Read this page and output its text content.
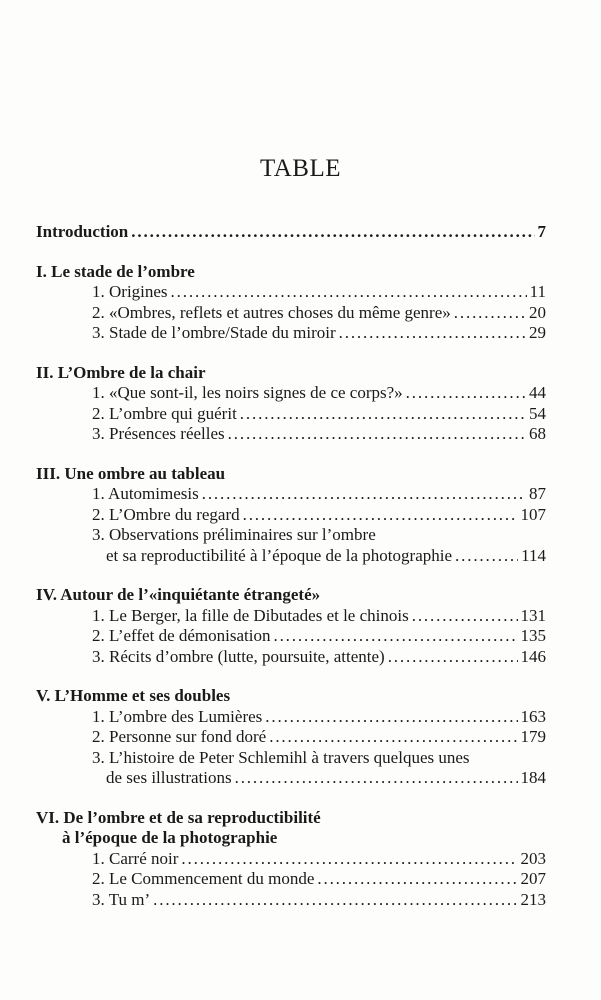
TABLE
Introduction . . .	7
I. Le stade de l’ombre
1. Origines . . .	11
2. «Ombres, reflets et autres choses du même genre» . . .	20
3. Stade de l’ombre/Stade du miroir . . .	29
II. L’Ombre de la chair
1. «Que sont-il, les noirs signes de ce corps?» . . .	44
2. L’ombre qui guérit . . .	54
3. Présences réelles . . .	68
III. Une ombre au tableau
1. Automimesis . . .	87
2. L’Ombre du regard . . .	107
3. Observations préliminaires sur l’ombre
et sa reproductibilité à l’époque de la photographie . . .	114
IV. Autour de l’«inquiétante étrangeté»
1. Le Berger, la fille de Dibutades et le chinois . . .	131
2. L’effet de démonisation . . .	135
3. Récits d’ombre (lutte, poursuite, attente) . . .	146
V. L’Homme et ses doubles
1. L’ombre des Lumières . . .	163
2. Personne sur fond doré . . .	179
3. L’histoire de Peter Schlemihl à travers quelques unes
de ses illustrations . . .	184
VI. De l’ombre et de sa reproductibilité
à l’époque de la photographie
1. Carré noir . . .	203
2. Le Commencement du monde . . .	207
3. Tu m’ . . .	213
